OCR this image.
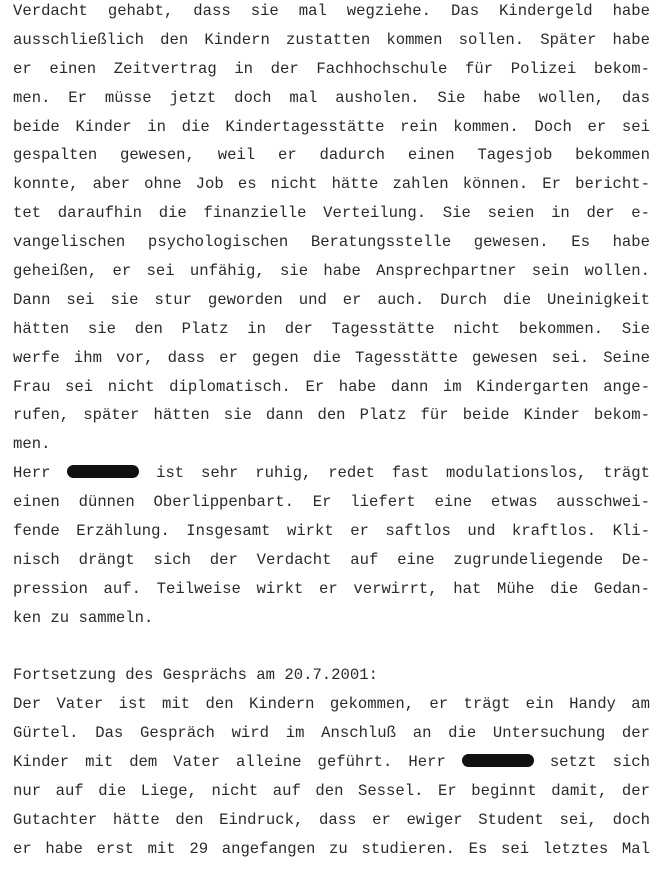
Verdacht gehabt, dass sie mal wegziehe. Das Kindergeld habe
ausschließlich den Kindern zustatten kommen sollen. Später habe
er einen Zeitvertrag in der Fachhochschule für Polizei bekom-
men. Er müsse jetzt doch mal ausholen. Sie habe wollen, das
beide Kinder in die Kindertagesstätte rein kommen. Doch er sei
gespalten gewesen, weil er dadurch einen Tagesjob bekommen
konnte, aber ohne Job es nicht hätte zahlen können. Er bericht-
tet daraufhin die finanzielle Verteilung. Sie seien in der e-
vangelischen psychologischen Beratungsstelle gewesen. Es habe
geheißen, er sei unfähig, sie habe Ansprechpartner sein wollen.
Dann sei sie stur geworden und er auch. Durch die Uneinigkeit
hätten sie den Platz in der Tagesstätte nicht bekommen. Sie
werfe ihm vor, dass er gegen die Tagesstätte gewesen sei. Seine
Frau sei nicht diplomatisch. Er habe dann im Kindergarten ange-
rufen, später hätten sie dann den Platz für beide Kinder bekom-
men.
Herr	ist sehr ruhig, redet fast modulationslos, trägt
einen dünnen Oberlippenbart. Er liefert eine etwas ausschwei-
fende Erzählung. Insgesamt wirkt er saftlos und kraftlos. Kli-
nisch drängt sich der Verdacht auf eine zugrundeliegende De-
pression auf. Teilweise wirkt er verwirrt, hat Mühe die Gedan-
ken zu sammeln.
Fortsetzung des Gesprächs am 20.7.2001:
Der Vater ist mit den Kindern gekommen, er trägt ein Handy am
Gürtel. Das Gespräch wird im Anschluß an die Untersuchung der
Kinder mit dem Vater alleine geführt. Herr	setzt sich
nur auf die Liege, nicht auf den Sessel. Er beginnt damit, der
Gutachter hätte den Eindruck, dass er ewiger Student sei, doch
er habe erst mit 29 angefangen zu studieren. Es sei letztes Mal
